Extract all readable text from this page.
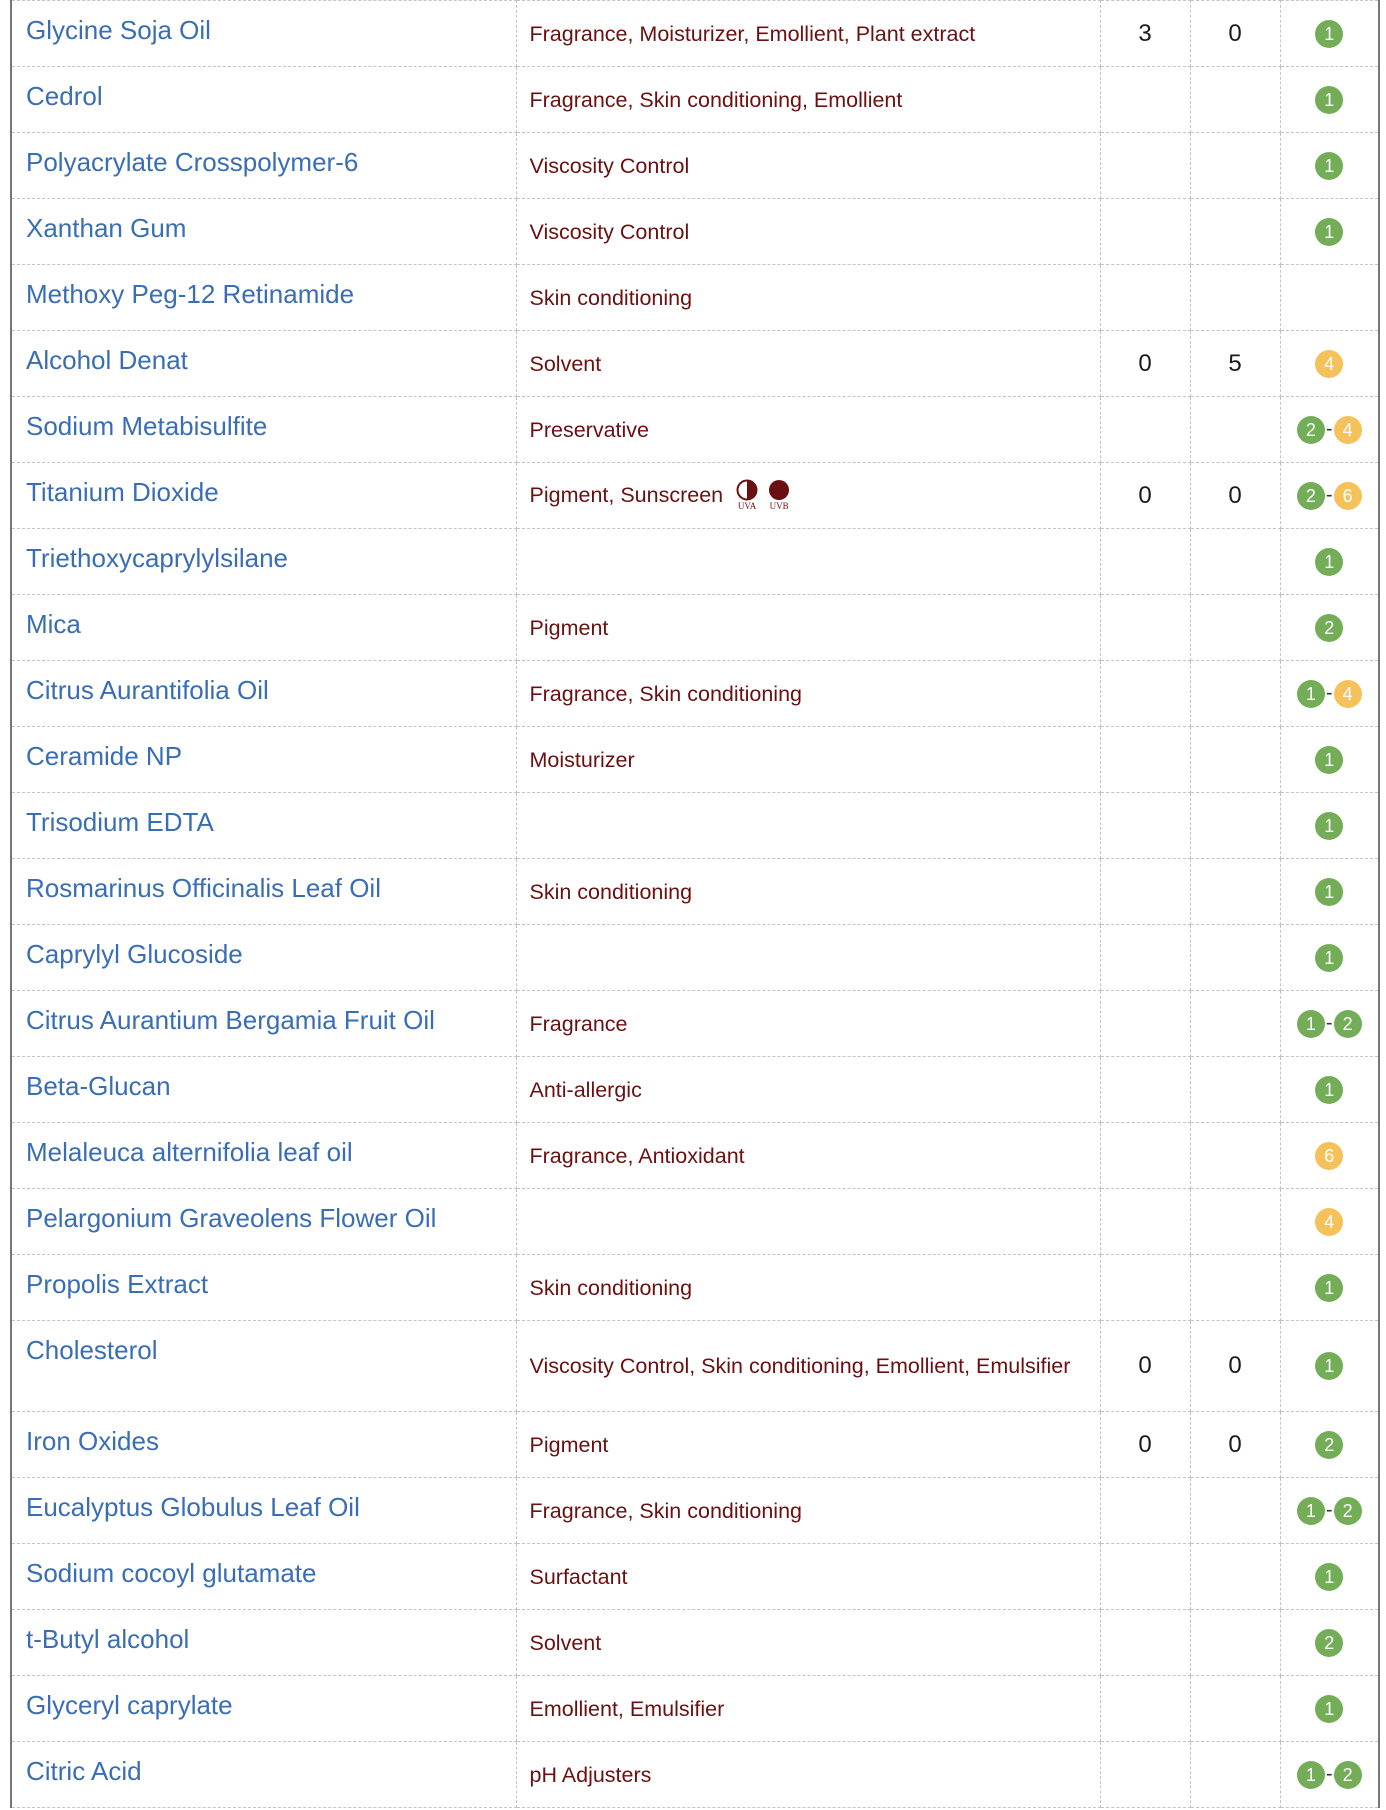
Glycine Soja Oil	Fragrance, Moisturizer, Emollient, Plant extract	3	0	1

Cedrol	Fragrance, Skin conditioning, Emollient			1

Polyacrylate Crosspolymer-6	Viscosity Control			1

Xanthan Gum	Viscosity Control			1

Methoxy Peg-12 Retinamide	Skin conditioning			

Alcohol Denat	Solvent	0	5	4

Sodium Metabisulfite	Preservative			2 - 4

Titanium Dioxide	Pigment, Sunscreen UVA UVB	0	0	2 - 6

Triethoxycaprylylsilane				1

Mica	Pigment			2

Citrus Aurantifolia Oil	Fragrance, Skin conditioning			1 - 4

Ceramide NP	Moisturizer			1

Trisodium EDTA				1

Rosmarinus Officinalis Leaf Oil	Skin conditioning			1

Caprylyl Glucoside				1

Citrus Aurantium Bergamia Fruit Oil	Fragrance			1 - 2

Beta-Glucan	Anti-allergic			1

Melaleuca alternifolia leaf oil	Fragrance, Antioxidant			6

Pelargonium Graveolens Flower Oil				4

Propolis Extract	Skin conditioning			1

Cholesterol	Viscosity Control, Skin conditioning, Emollient, Emulsifier	0	0	1

Iron Oxides	Pigment	0	0	2

Eucalyptus Globulus Leaf Oil	Fragrance, Skin conditioning			1 - 2

Sodium cocoyl glutamate	Surfactant			1

t-Butyl alcohol	Solvent			2

Glyceryl caprylate	Emollient, Emulsifier			1

Citric Acid	pH Adjusters			1 - 2
